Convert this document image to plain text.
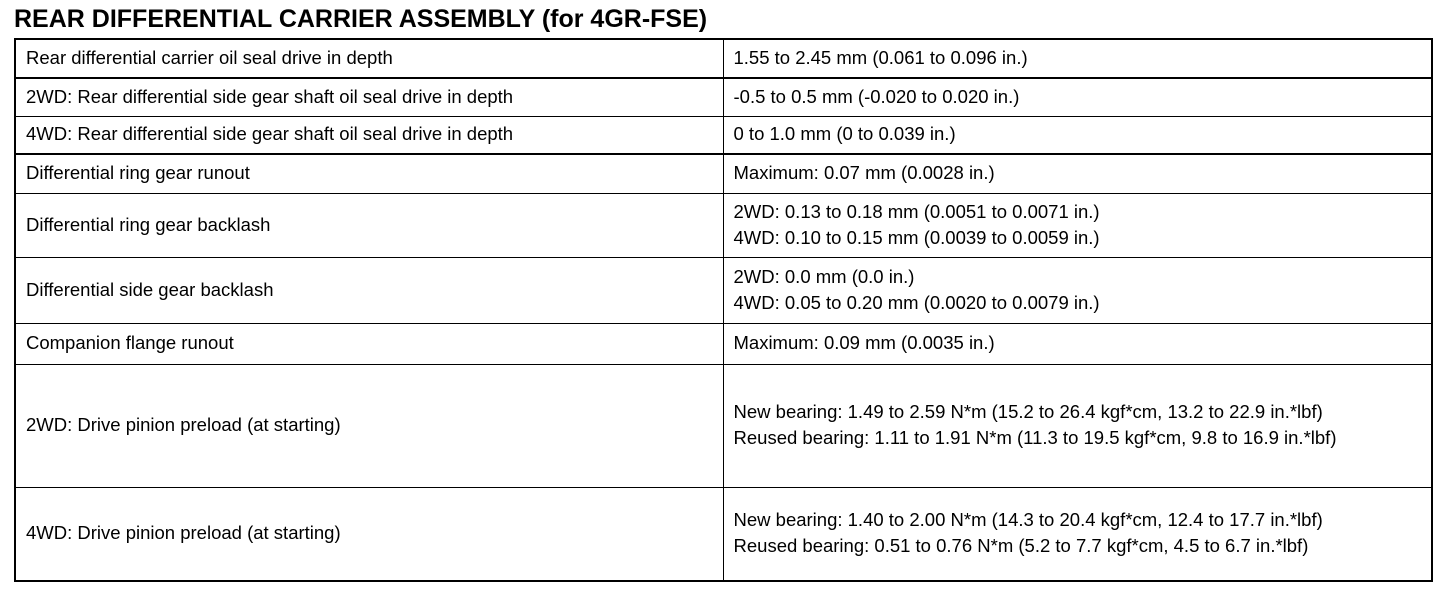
REAR DIFFERENTIAL CARRIER ASSEMBLY (for 4GR-FSE)
Rear differential carrier oil seal drive in depth	1.55 to 2.45 mm (0.061 to 0.096 in.)

2WD: Rear differential side gear shaft oil seal drive in depth	-0.5 to 0.5 mm (-0.020 to 0.020 in.)

4WD: Rear differential side gear shaft oil seal drive in depth	0 to 1.0 mm (0 to 0.039 in.)

Differential ring gear runout	Maximum: 0.07 mm (0.0028 in.)

Differential ring gear backlash	2WD: 0.13 to 0.18 mm (0.0051 to 0.0071 in.)
4WD: 0.10 to 0.15 mm (0.0039 to 0.0059 in.)

Differential side gear backlash	2WD: 0.0 mm (0.0 in.)
4WD: 0.05 to 0.20 mm (0.0020 to 0.0079 in.)

Companion flange runout	Maximum: 0.09 mm (0.0035 in.)

2WD: Drive pinion preload (at starting)	New bearing: 1.49 to 2.59 N*m (15.2 to 26.4 kgf*cm, 13.2 to 22.9 in.*lbf)
Reused bearing: 1.11 to 1.91 N*m (11.3 to 19.5 kgf*cm, 9.8 to 16.9 in.*lbf)

4WD: Drive pinion preload (at starting)	New bearing: 1.40 to 2.00 N*m (14.3 to 20.4 kgf*cm, 12.4 to 17.7 in.*lbf)
Reused bearing: 0.51 to 0.76 N*m (5.2 to 7.7 kgf*cm, 4.5 to 6.7 in.*lbf)
